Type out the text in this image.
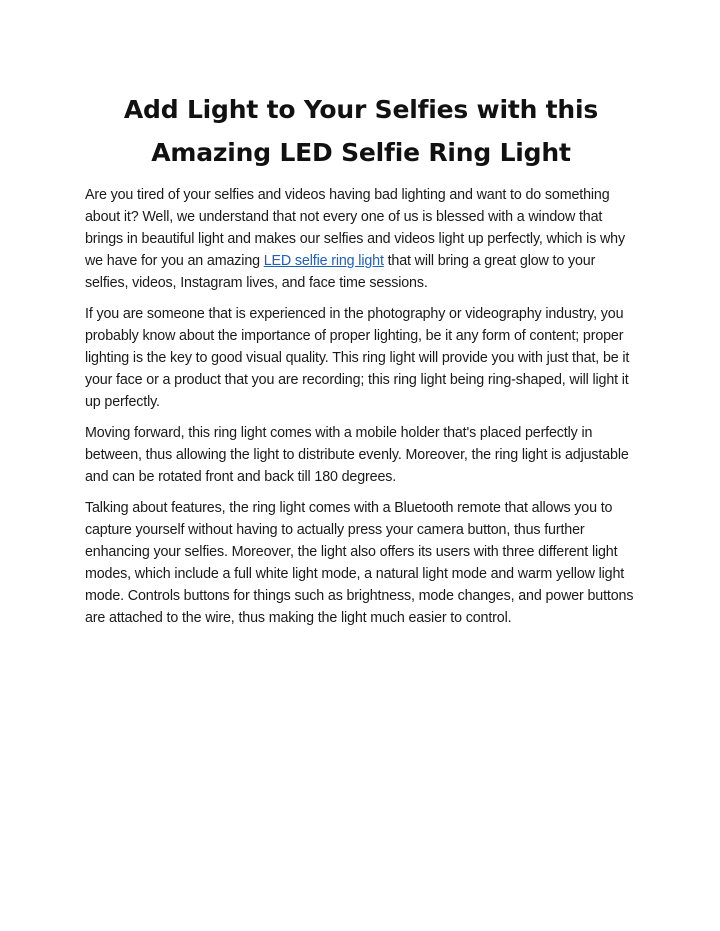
Add Light to Your Selfies with this
Amazing LED Selfie Ring Light

Are you tired of your selfies and videos having bad lighting and want to do something about it? Well, we understand that not every one of us is blessed with a window that brings in beautiful light and makes our selfies and videos light up perfectly, which is why we have for you an amazing LED selfie ring light that will bring a great glow to your selfies, videos, Instagram lives, and face time sessions.

If you are someone that is experienced in the photography or videography industry, you probably know about the importance of proper lighting, be it any form of content; proper lighting is the key to good visual quality. This ring light will provide you with just that, be it your face or a product that you are recording; this ring light being ring-shaped, will light it up perfectly.

Moving forward, this ring light comes with a mobile holder that's placed perfectly in between, thus allowing the light to distribute evenly. Moreover, the ring light is adjustable and can be rotated front and back till 180 degrees.

Talking about features, the ring light comes with a Bluetooth remote that allows you to capture yourself without having to actually press your camera button, thus further enhancing your selfies. Moreover, the light also offers its users with three different light modes, which include a full white light mode, a natural light mode and warm yellow light mode. Controls buttons for things such as brightness, mode changes, and power buttons are attached to the wire, thus making the light much easier to control.
